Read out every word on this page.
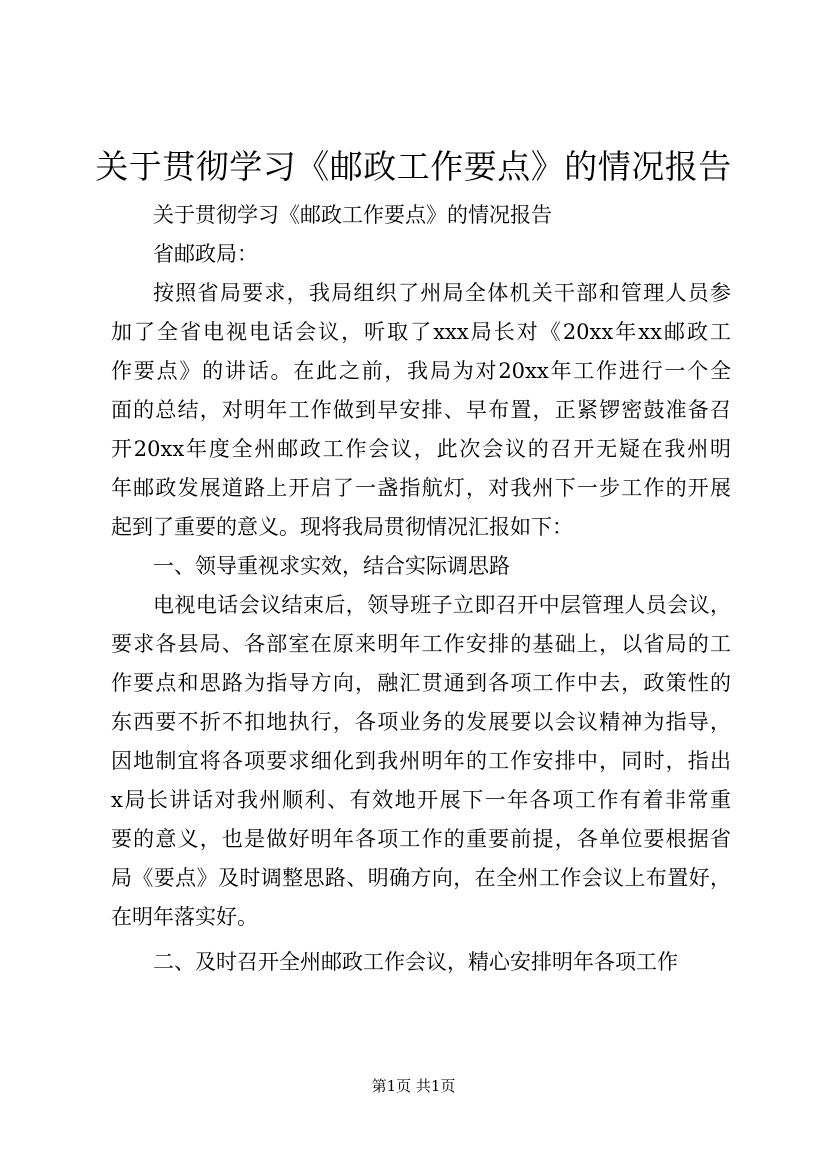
关于贯彻学习《邮政工作要点》的情况报告
关于贯彻学习《邮政工作要点》的情况报告
省邮政局：
按照省局要求，我局组织了州局全体机关干部和管理人员参
加了全省电视电话会议，听取了xxx局长对《20xx年xx邮政工
作要点》的讲话。在此之前，我局为对20xx年工作进行一个全
面的总结，对明年工作做到早安排、早布置，正紧锣密鼓准备召
开20xx年度全州邮政工作会议，此次会议的召开无疑在我州明
年邮政发展道路上开启了一盏指航灯，对我州下一步工作的开展
起到了重要的意义。现将我局贯彻情况汇报如下：
一、领导重视求实效，结合实际调思路
电视电话会议结束后，领导班子立即召开中层管理人员会议，
要求各县局、各部室在原来明年工作安排的基础上，以省局的工
作要点和思路为指导方向，融汇贯通到各项工作中去，政策性的
东西要不折不扣地执行，各项业务的发展要以会议精神为指导，
因地制宜将各项要求细化到我州明年的工作安排中，同时，指出
x局长讲话对我州顺利、有效地开展下一年各项工作有着非常重
要的意义，也是做好明年各项工作的重要前提，各单位要根据省
局《要点》及时调整思路、明确方向，在全州工作会议上布置好，
在明年落实好。
二、及时召开全州邮政工作会议，精心安排明年各项工作
第1页 共1页
